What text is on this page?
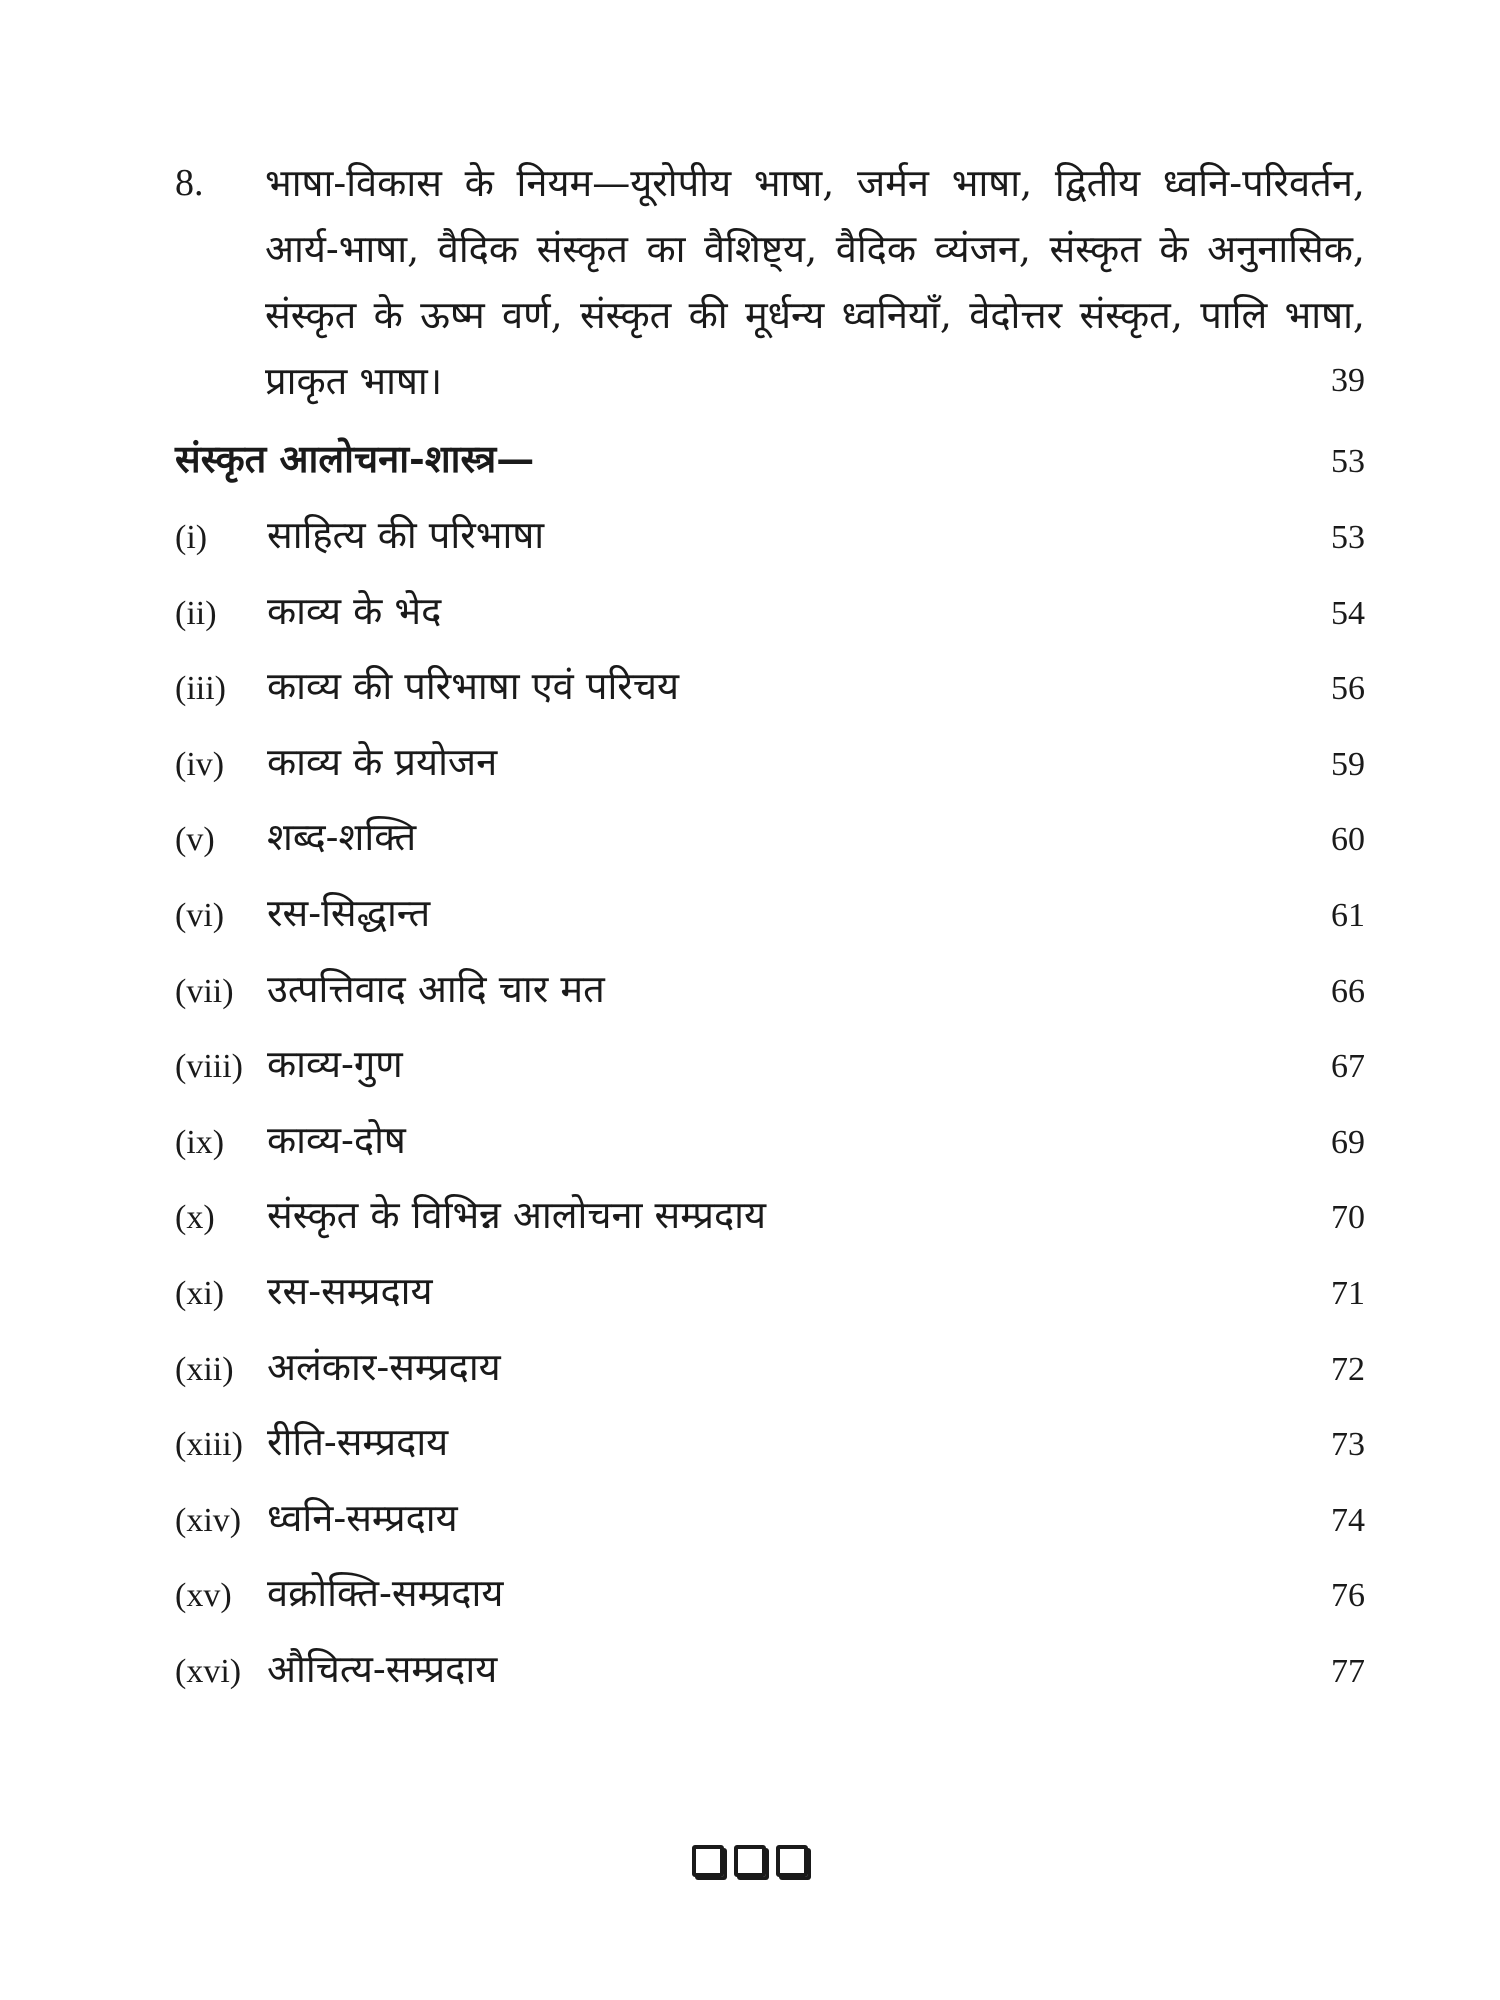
8.	भाषा-विकास के नियम—यूरोपीय भाषा, जर्मन भाषा, द्वितीय ध्वनि-परिवर्तन, आर्य-भाषा, वैदिक संस्कृत का वैशिष्ट्य, वैदिक व्यंजन, संस्कृत के अनुनासिक, संस्कृत के ऊष्म वर्ण, संस्कृत की मूर्धन्य ध्वनियाँ, वेदोत्तर संस्कृत, पालि भाषा, प्राकृत भाषा।	39
संस्कृत आलोचना-शास्त्र—	53
(i)	साहित्य की परिभाषा	53
(ii)	काव्य के भेद	54
(iii)	काव्य की परिभाषा एवं परिचय	56
(iv)	काव्य के प्रयोजन	59
(v)	शब्द-शक्ति	60
(vi)	रस-सिद्धान्त	61
(vii) उत्पत्तिवाद आदि चार मत	66
(viii) काव्य-गुण	67
(ix)	काव्य-दोष	69
(x)	संस्कृत के विभिन्न आलोचना सम्प्रदाय	70
(xi)	रस-सम्प्रदाय	71
(xii) अलंकार-सम्प्रदाय	72
(xiii) रीति-सम्प्रदाय	73
(xiv) ध्वनि-सम्प्रदाय	74
(xv) वक्रोक्ति-सम्प्रदाय	76
(xvi) औचित्य-सम्प्रदाय	77
